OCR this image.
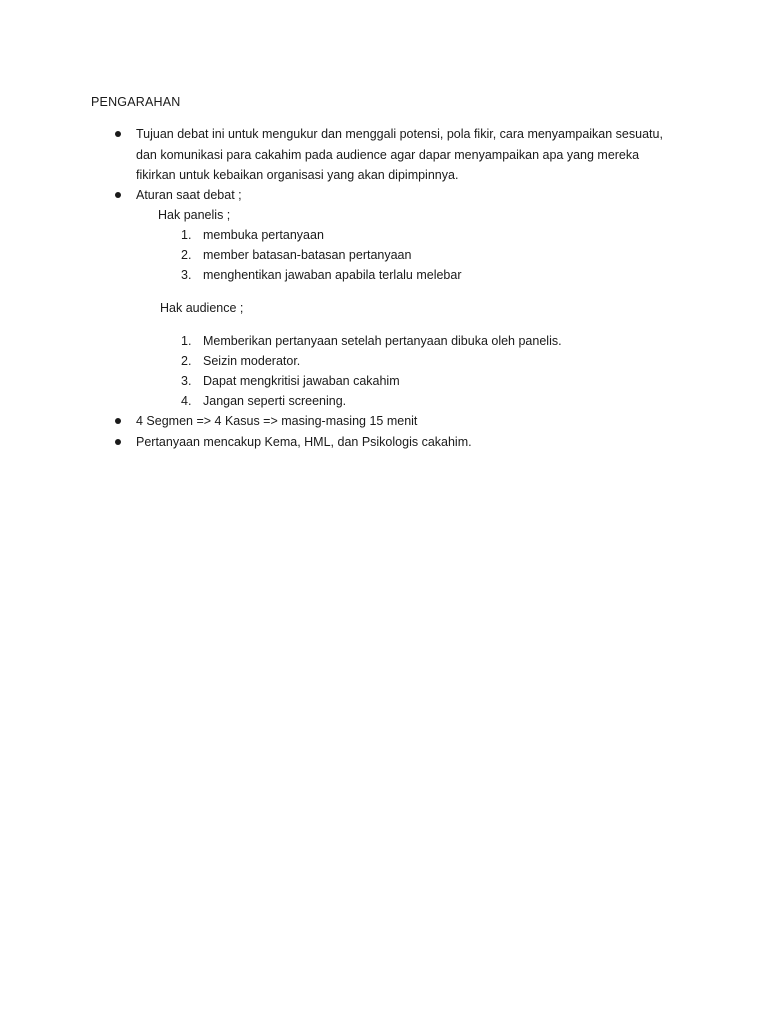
PENGARAHAN
Tujuan debat ini untuk mengukur dan menggali potensi, pola fikir, cara menyampaikan sesuatu,
dan komunikasi para cakahim pada audience agar dapar menyampaikan apa yang mereka
fikirkan untuk kebaikan organisasi yang akan dipimpinnya.
Aturan saat debat ;
Hak panelis ;
1. membuka pertanyaan
2. member batasan-batasan pertanyaan
3. menghentikan jawaban apabila terlalu melebar
Hak audience ;
1. Memberikan pertanyaan setelah pertanyaan dibuka oleh panelis.
2. Seizin moderator.
3. Dapat mengkritisi jawaban cakahim
4. Jangan seperti screening.
4 Segmen => 4 Kasus => masing-masing 15 menit
Pertanyaan mencakup Kema, HML, dan Psikologis cakahim.
